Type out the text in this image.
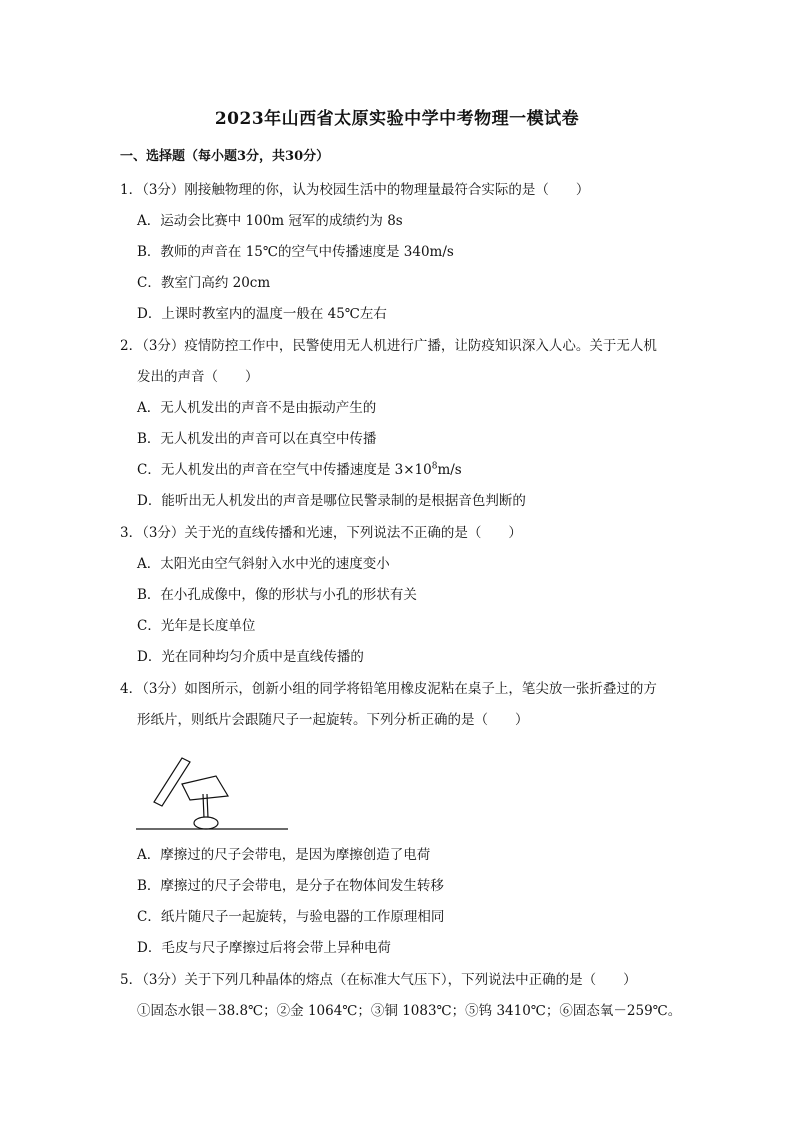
2023年山西省太原实验中学中考物理一模试卷
一、选择题（每小题3分，共30分）
1．（3分）刚接触物理的你，认为校园生活中的物理量最符合实际的是（　　）
A．运动会比赛中 100m 冠军的成绩约为 8s
B．教师的声音在 15℃的空气中传播速度是 340m/s
C．教室门高约 20cm
D．上课时教室内的温度一般在 45℃左右
2．（3分）疫情防控工作中，民警使用无人机进行广播，让防疫知识深入人心。关于无人机
发出的声音（　　）
A．无人机发出的声音不是由振动产生的
B．无人机发出的声音可以在真空中传播
C．无人机发出的声音在空气中传播速度是 $3\times 10^8m/s$
D．能听出无人机发出的声音是哪位民警录制的是根据音色判断的
3．（3分）关于光的直线传播和光速，下列说法不正确的是（　　）
A．太阳光由空气斜射入水中光的速度变小
B．在小孔成像中，像的形状与小孔的形状有关
C．光年是长度单位
D．光在同种均匀介质中是直线传播的
4．（3分）如图所示，创新小组的同学将铅笔用橡皮泥粘在桌子上，笔尖放一张折叠过的方
形纸片，则纸片会跟随尺子一起旋转。下列分析正确的是（　　）
A．摩擦过的尺子会带电，是因为摩擦创造了电荷
B．摩擦过的尺子会带电，是分子在物体间发生转移
C．纸片随尺子一起旋转，与验电器的工作原理相同
D．毛皮与尺子摩擦过后将会带上异种电荷
5．（3分）关于下列几种晶体的熔点（在标准大气压下），下列说法中正确的是（　　）
①固态水银－38.8℃；②金 1064℃；③铜 1083℃；⑤钨 3410℃；⑥固态氧－259℃。
